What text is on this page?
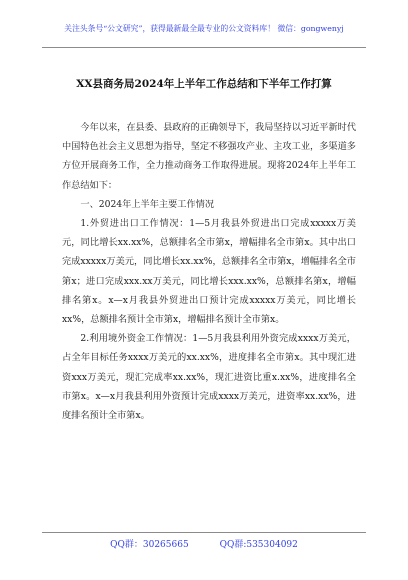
关注头条号“公文研究”，获得最新最全最专业的公文资料库！ 微信：gongwenyj
XX县商务局2024年上半年工作总结和下半年工作打算

今年以来，在县委、县政府的正确领导下，我局坚持以习近平新时代中国特色社会主义思想为指导，坚定不移强攻产业、主攻工业，多渠道多方位开展商务工作，全力推动商务工作取得进展。现将2024年上半年工作总结如下：

一、2024年上半年主要工作情况

1.外贸进出口工作情况：1—5月我县外贸进出口完成xxxxx万美元，同比增长xx.xx%，总额排名全市第x，增幅排名全市第x。其中出口完成xxxxx万美元，同比增长xx.xx%，总额排名全市第x，增幅排名全市第x；进口完成xxx.xx万美元，同比增长xxx.xx%，总额排名第x，增幅排名第x。x—x月我县外贸进出口预计完成xxxxx万美元，同比增长xx%，总额排名预计全市第x，增幅排名预计全市第x。

2.利用境外资金工作情况：1—5月我县利用外资完成xxxx万美元，占全年目标任务xxxx万美元的xx.xx%，进度排名全市第x。其中现汇进资xxx万美元，现汇完成率xx.xx%，现汇进资比重x.xx%，进度排名全市第x。x—x月我县利用外资预计完成xxxx万美元，进资率xx.xx%，进度排名预计全市第x。

QQ群：30265665	QQ群:535304092
